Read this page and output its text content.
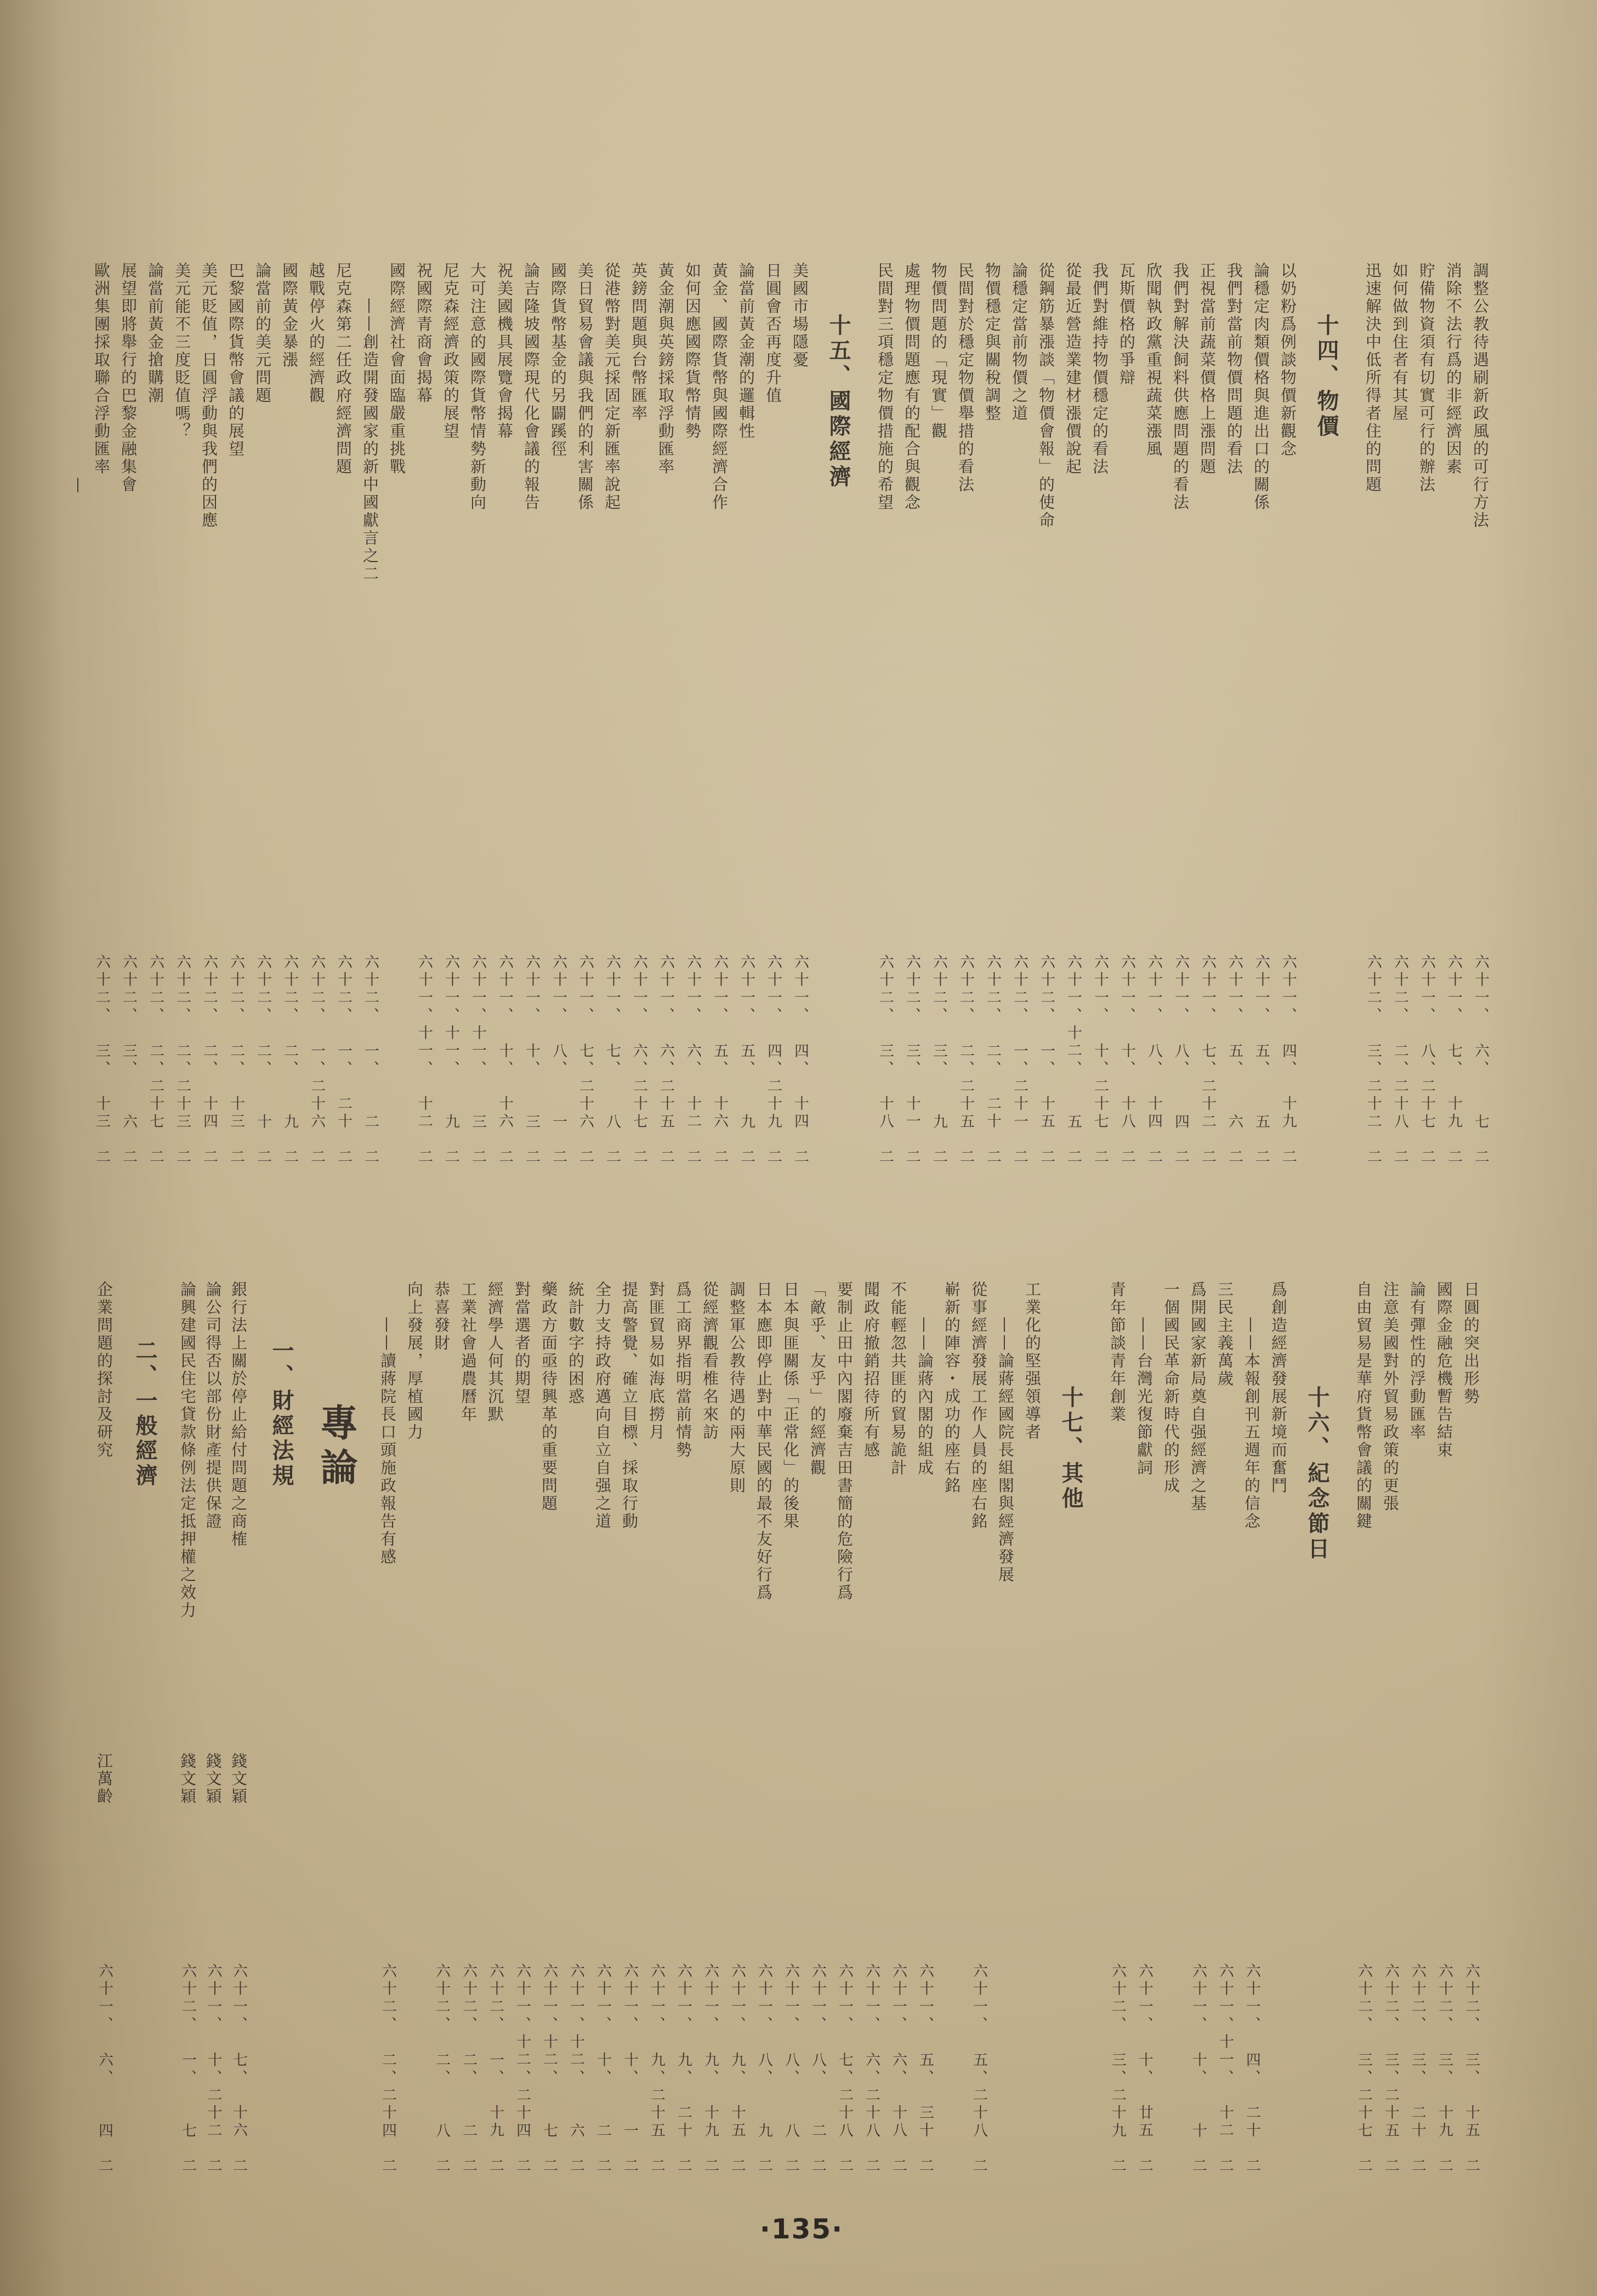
調整公教待遇刷新政風的可行方法
六十一
、
六
、
七
二
消除不法行爲的非經濟因素
六十一
、
七
、
十九
二
貯備物資須有切實可行的辦法
六十一
、
八
、
二十七
二
如何做到住者有其屋
六十二
、
二
、
二十八
二
迅速解決中低所得者住的問題
六十二
、
三
、
二十二
二
十四、物價
以奶粉爲例談物價新觀念
六十一
、
四
、
十九
二
論穩定肉類價格與進出口的關係
六十一
、
五
、
五
二
我們對當前物價問題的看法
六十一
、
五
、
六
二
正視當前蔬菜價格上漲問題
六十一
、
七
、
二十二
二
我們對解決飼料供應問題的看法
六十一
、
八
、
四
二
欣聞執政黨重視蔬菜漲風
六十一
、
八
、
十四
二
瓦斯價格的爭辯
六十一
、
十
、
十八
二
我們對維持物價穩定的看法
六十一
、
十
、
二十七
二
從最近營造業建材漲價說起
六十一
、
十二
、
五
二
從鋼筋暴漲談「物價會報」的使命
六十二
、
一
、
十五
二
論穩定當前物價之道
六十二
、
一
、
二十一
二
物價穩定與關稅調整
六十二
、
二
、
二十
二
民間對於穩定物價舉措的看法
六十二
、
二
、
二十五
二
物價問題的「現實」觀
六十二
、
三
、
九
二
處理物價問題應有的配合與觀念
六十二
、
三
、
十一
二
民間對三項穩定物價措施的希望
六十二
、
三
、
十八
二
十五、國際經濟
美國市場隱憂
六十一
、
四
、
十四
二
日圓會否再度升值
六十一
、
四
、
二十九
二
論當前黃金潮的邏輯性
六十一
、
五
、
九
二
黃金、國際貨幣與國際經濟合作
六十一
、
五
、
十六
二
如何因應國際貨幣情勢
六十一
、
六
、
十二
二
黃金潮與英鎊採取浮動匯率
六十一
、
六
、
二十五
二
英鎊問題與台幣匯率
六十一
、
六
、
二十七
二
從港幣對美元採固定新匯率說起
六十一
、
七
、
八
二
美日貿易會議與我們的利害關係
六十一
、
七
、
二十六
二
國際貨幣基金的另闢蹊徑
六十一
、
八
、
一
二
論吉隆坡國際現代化會議的報告
六十一
、
十
、
三
二
祝美國機具展覽會揭幕
六十一
、
十
、
十六
二
大可注意的國際貨幣情勢新動向
六十一
、
十一
、
三
二
尼克森經濟政策的展望
六十一
、
十一
、
九
二
祝國際青商會揭幕
六十一
、
十一
、
十二
二
國際經濟社會面臨嚴重挑戰
——創造開發國家的新中國獻言之二
六十二
、
一
、
二
二
尼克森第二任政府經濟問題
六十二
、
一
、
二十
二
越戰停火的經濟觀
六十二
、
一
、
二十六
二
國際黃金暴漲
六十二
、
二
、
九
二
論當前的美元問題
六十二
、
二
、
十
二
巴黎國際貨幣會議的展望
六十二
、
二
、
十三
二
美元貶值，日圓浮動與我們的因應
六十二
、
二
、
十四
二
美元能不三度貶值嗎？
六十二
、
二
、
二十三
二
論當前黃金搶購潮
六十二
、
二
、
二十七
二
展望即將舉行的巴黎金融集會
六十二
、
三
、
六
二
歐洲集團採取聯合浮動匯率
六十二
、
三
、
十三
二
日圓的突出形勢
六十二
、
三
、
十五
二
—
國際金融危機暫告結束
六十二
、
三
、
十九
二
論有彈性的浮動匯率
六十二
、
三
、
二十
二
注意美國對外貿易政策的更張
六十二
、
三
、
二十五
二
自由貿易是華府貨幣會議的關鍵
六十二
、
三
、
二十七
二
十六、紀念節日
爲創造經濟發展新境而奮鬥
——本報創刊五週年的信念
六十一
、
四
、
二十
二
三民主義萬歲
六十一
、
十一
、
十二
二
爲開國家新局奠自强經濟之基
六十一
、
十
、
十
二
一個國民革命新時代的形成
——台灣光復節獻詞
六十一
、
十
、
廿五
二
青年節談青年創業
六十二
、
三
、
二十九
二
十七、其他
工業化的堅强領導者
——論蔣經國院長組閣與經濟發展
從事經濟發展工作人員的座右銘
六十一
、
五
、
二十八
二
嶄新的陣容・成功的座右銘
——論蔣內閣的組成
六十一
、
五
、
三十
二
不能輕忽共匪的貿易詭計
六十一
、
六
、
十八
二
聞政府撤銷招待所有感
六十一
、
六
、
二十八
二
要制止田中內閣廢棄吉田書簡的危險行爲
六十一
、
七
、
二十八
二
「敵乎、友乎」的經濟觀
六十一
、
八
、
二
二
日本與匪關係「正常化」的後果
六十一
、
八
、
八
二
日本應即停止對中華民國的最不友好行爲
六十一
、
八
、
九
二
調整軍公教待遇的兩大原則
六十一
、
九
、
十五
二
從經濟觀看椎名來訪
六十一
、
九
、
十九
二
爲工商界指明當前情勢
六十一
、
九
、
二十
二
對匪貿易如海底撈月
六十一
、
九
、
二十五
二
提高警覺、確立目標、採取行動
六十一
、
十
、
一
二
全力支持政府邁向自立自强之道
六十一
、
十
、
二
二
統計數字的困惑
六十一
、
十二
、
六
二
藥政方面亟待興革的重要問題
六十一
、
十二
、
七
二
對當選者的期望
六十一
、
十二
、
二十四
二
經濟學人何其沉默
六十二
、
一
、
十九
二
工業社會過農曆年
六十二
、
二
、
二
二
恭喜發財
六十二
、
二
、
八
二
向上發展，厚植國力
——讀蔣院長口頭施政報告有感
六十二
、
二
、
二十四
二
專論
一、財經法規
銀行法上關於停止給付問題之商榷
錢文穎
六十一
、
七
、
十六
二
論公司得否以部份財產提供保證
錢文穎
六十一
、
十
、
二十二
二
論興建國民住宅貸款條例法定抵押權之效力
錢文穎
六十二
、
一
、
七
二
二、一般經濟
企業問題的探討及研究
江萬齡
六十一
、
六
、
四
二
·135·
